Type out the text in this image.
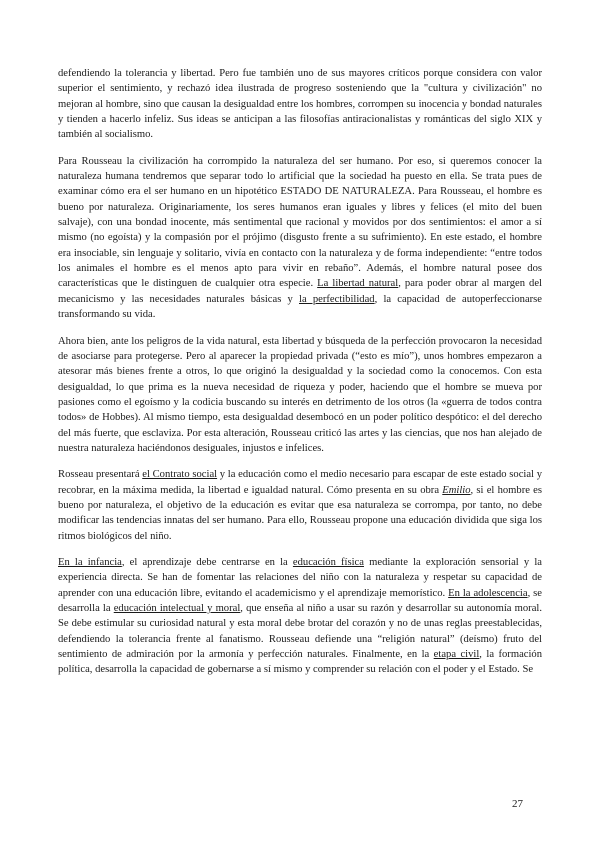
defendiendo la tolerancia y libertad. Pero fue también uno de sus mayores críticos porque considera con valor superior el sentimiento, y rechazó idea ilustrada de progreso sosteniendo que la "cultura y civilización" no mejoran al hombre, sino que causan la desigualdad entre los hombres, corrompen su inocencia y bondad naturales y tienden a hacerlo infeliz. Sus ideas se anticipan a las filosofías antiracionalistas y románticas del siglo XIX y también al socialismo.

Para Rousseau la civilización ha corrompido la naturaleza del ser humano. Por eso, si queremos conocer la naturaleza humana tendremos que separar todo lo artificial que la sociedad ha puesto en ella. Se trata pues de examinar cómo era el ser humano en un hipotético ESTADO DE NATURALEZA. Para Rousseau, el hombre es bueno por naturaleza. Originariamente, los seres humanos eran iguales y libres y felices (el mito del buen salvaje), con una bondad inocente, más sentimental que racional y movidos por dos sentimientos: el amor a sí mismo (no egoísta) y la compasión por el prójimo (disgusto frente a su sufrimiento). En este estado, el hombre era insociable, sin lenguaje y solitario, vivía en contacto con la naturaleza y de forma independiente: “entre todos los animales el hombre es el menos apto para vivir en rebaño”. Además, el hombre natural posee dos características que le distinguen de cualquier otra especie. La libertad natural, para poder obrar al margen del mecanicismo y las necesidades naturales básicas y la perfectibilidad, la capacidad de autoperfeccionarse transformando su vida.

Ahora bien, ante los peligros de la vida natural, esta libertad y búsqueda de la perfección provocaron la necesidad de asociarse para protegerse. Pero al aparecer la propiedad privada (“esto es mío”), unos hombres empezaron a atesorar más bienes frente a otros, lo que originó la desigualdad y la sociedad como la conocemos. Con esta desigualdad, lo que prima es la nueva necesidad de riqueza y poder, haciendo que el hombre se mueva por pasiones como el egoísmo y la codicia buscando su interés en detrimento de los otros (la «guerra de todos contra todos» de Hobbes). Al mismo tiempo, esta desigualdad desembocó en un poder político despótico: el del derecho del más fuerte, que esclaviza. Por esta alteración, Rousseau criticó las artes y las ciencias, que nos han alejado de nuestra naturaleza haciéndonos desiguales, injustos e infelices.

Rosseau presentará el Contrato social y la educación como el medio necesario para escapar de este estado social y recobrar, en la máxima medida, la libertad e igualdad natural. Cómo presenta en su obra Emilio, si el hombre es bueno por naturaleza, el objetivo de la educación es evitar que esa naturaleza se corrompa, por tanto, no debe modificar las tendencias innatas del ser humano. Para ello, Rousseau propone una educación dividida que siga los ritmos biológicos del niño.

En la infancia, el aprendizaje debe centrarse en la educación física mediante la exploración sensorial y la experiencia directa. Se han de fomentar las relaciones del niño con la naturaleza y respetar su capacidad de aprender con una educación libre, evitando el academicismo y el aprendizaje memorístico. En la adolescencia, se desarrolla la educación intelectual y moral, que enseña al niño a usar su razón y desarrollar su autonomía moral. Se debe estimular su curiosidad natural y esta moral debe brotar del corazón y no de unas reglas preestablecidas, defendiendo la tolerancia frente al fanatismo. Rousseau defiende una “religión natural” (deísmo) fruto del sentimiento de admiración por la armonía y perfección naturales. Finalmente, en la etapa civil, la formación política, desarrolla la capacidad de gobernarse a sí mismo y comprender su relación con el poder y el Estado. Se

27
